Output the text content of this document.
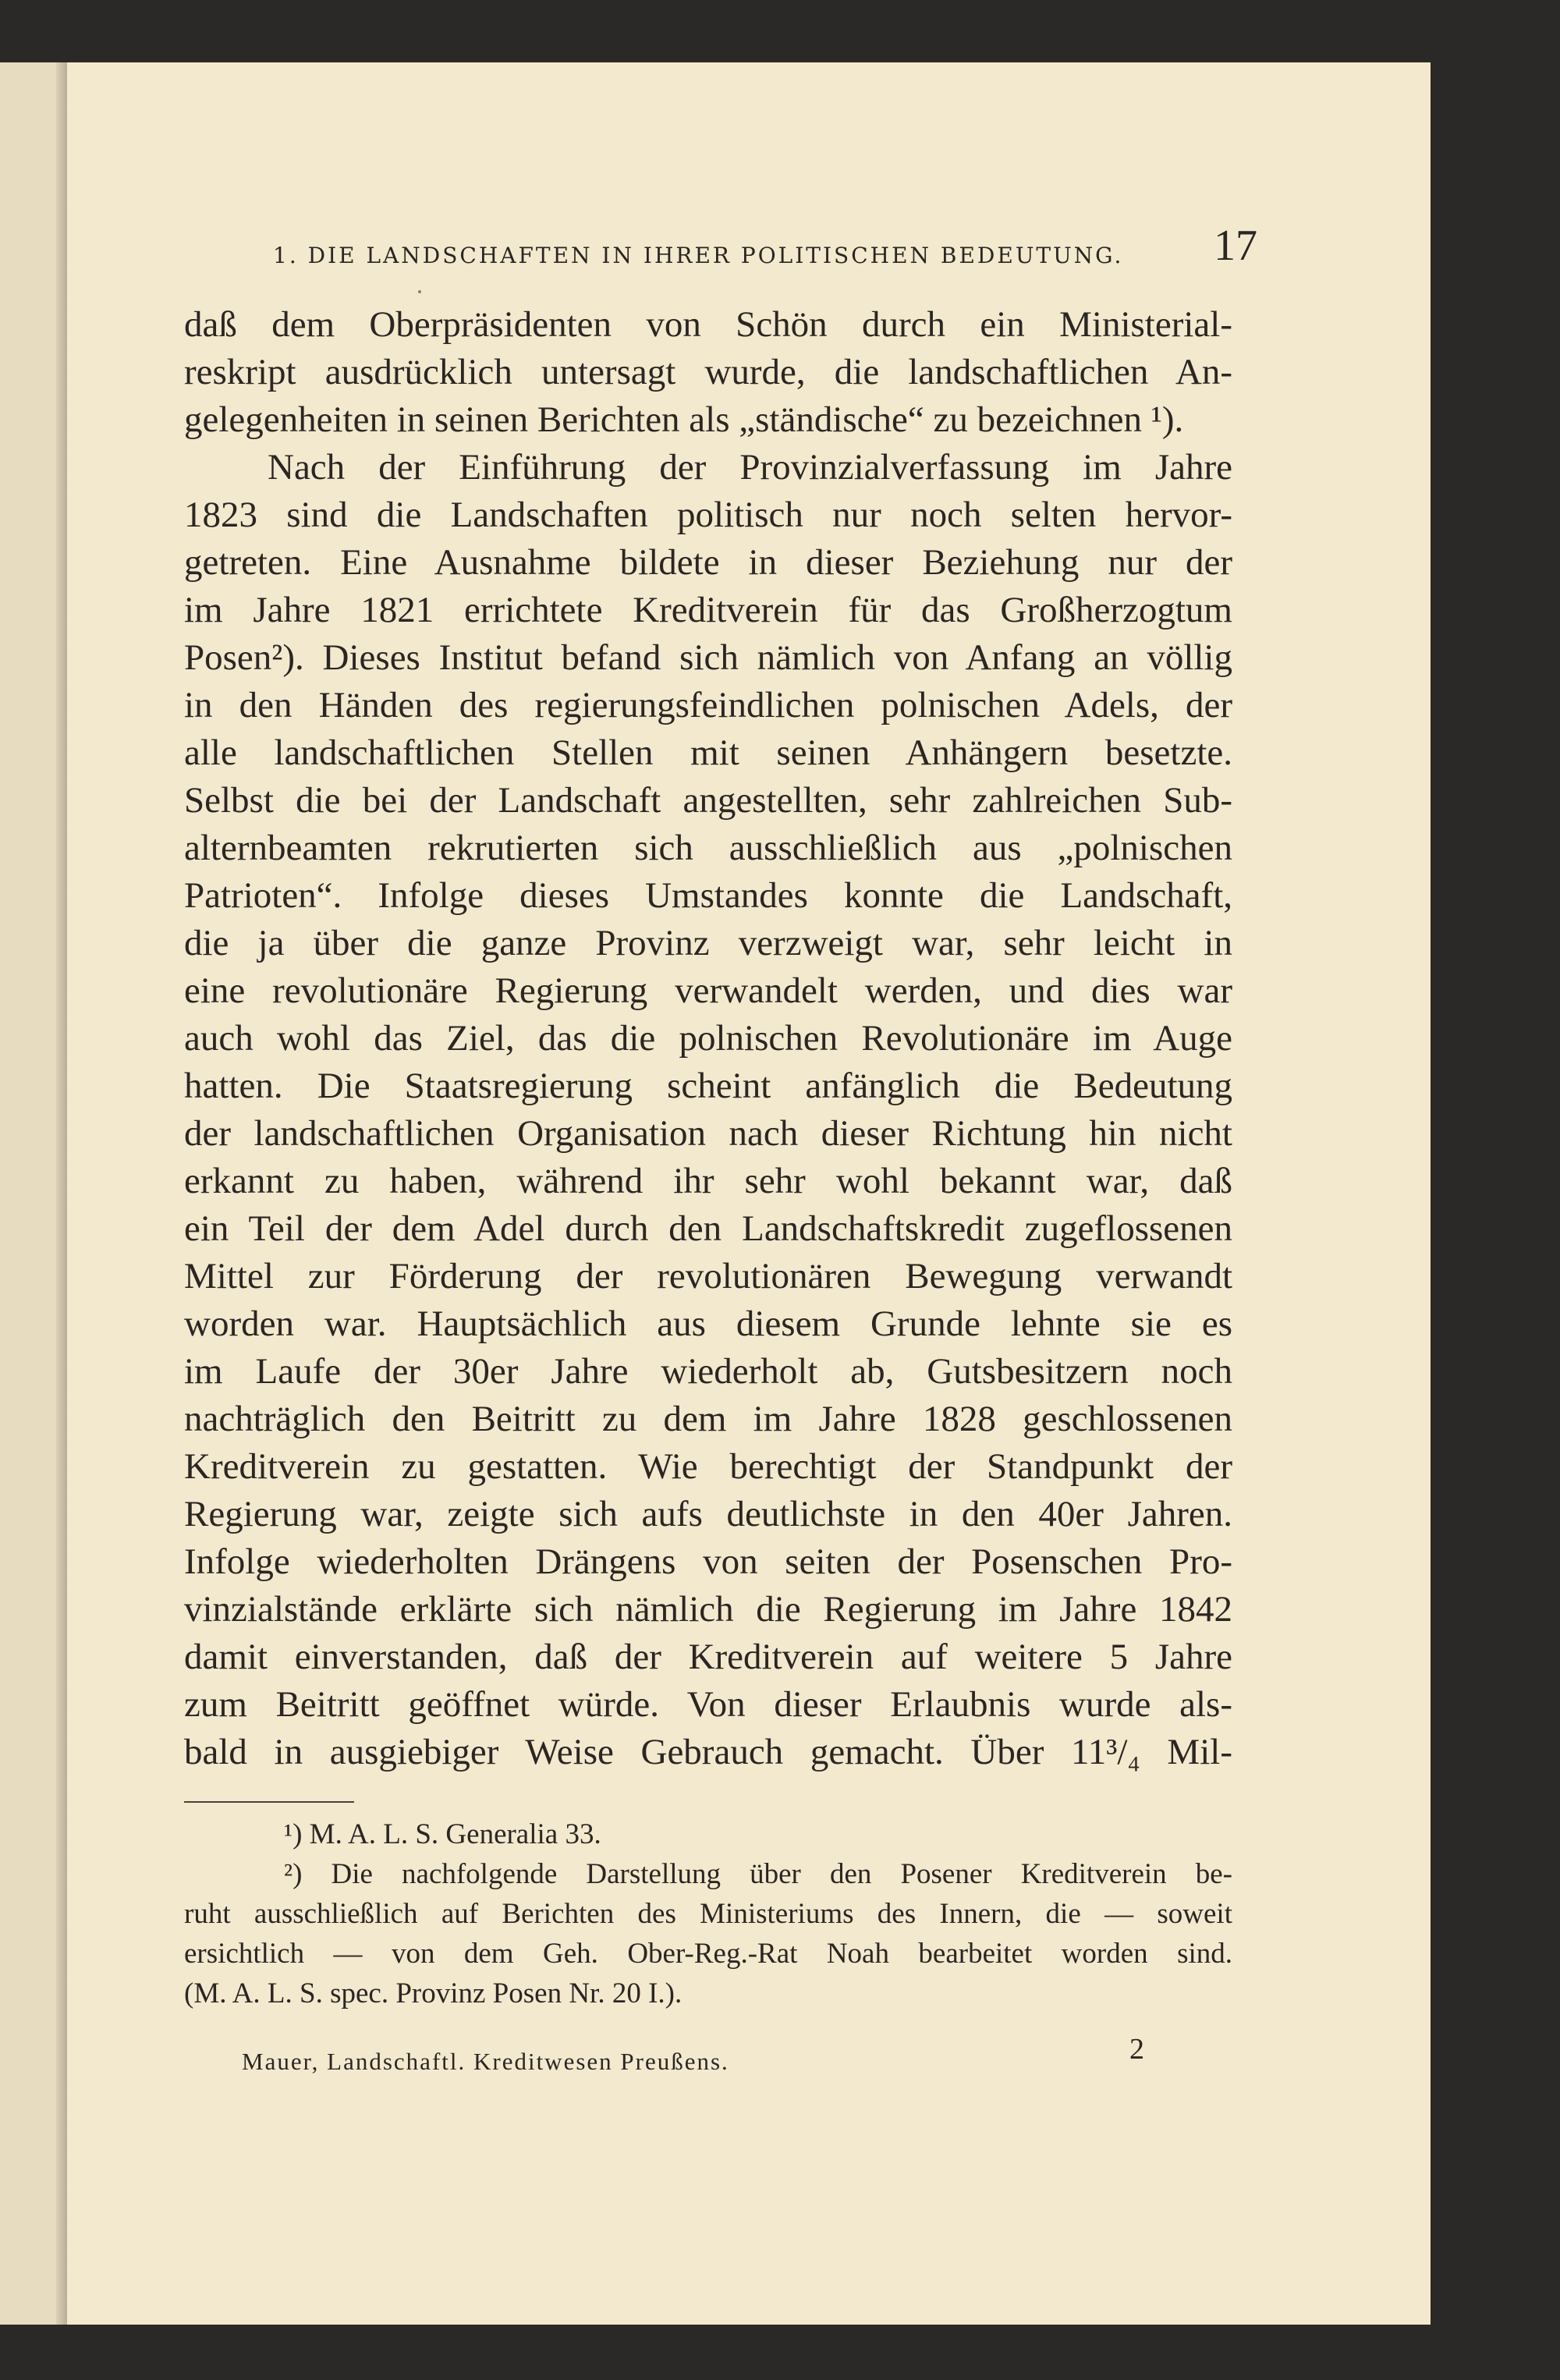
1. DIE LANDSCHAFTEN IN IHRER POLITISCHEN BEDEUTUNG. 17
daß dem Oberpräsidenten von Schön durch ein Ministerial-
reskript ausdrücklich untersagt wurde, die landschaftlichen An-
gelegenheiten in seinen Berichten als „ständische“ zu bezeichnen ¹).
Nach der Einführung der Provinzialverfassung im Jahre
1823 sind die Landschaften politisch nur noch selten hervor-
getreten. Eine Ausnahme bildete in dieser Beziehung nur der
im Jahre 1821 errichtete Kreditverein für das Großherzogtum
Posen²). Dieses Institut befand sich nämlich von Anfang an völlig
in den Händen des regierungsfeindlichen polnischen Adels, der
alle landschaftlichen Stellen mit seinen Anhängern besetzte.
Selbst die bei der Landschaft angestellten, sehr zahlreichen Sub-
alternbeamten rekrutierten sich ausschließlich aus „polnischen
Patrioten“. Infolge dieses Umstandes konnte die Landschaft,
die ja über die ganze Provinz verzweigt war, sehr leicht in
eine revolutionäre Regierung verwandelt werden, und dies war
auch wohl das Ziel, das die polnischen Revolutionäre im Auge
hatten. Die Staatsregierung scheint anfänglich die Bedeutung
der landschaftlichen Organisation nach dieser Richtung hin nicht
erkannt zu haben, während ihr sehr wohl bekannt war, daß
ein Teil der dem Adel durch den Landschaftskredit zugeflossenen
Mittel zur Förderung der revolutionären Bewegung verwandt
worden war. Hauptsächlich aus diesem Grunde lehnte sie es
im Laufe der 30er Jahre wiederholt ab, Gutsbesitzern noch
nachträglich den Beitritt zu dem im Jahre 1828 geschlossenen
Kreditverein zu gestatten. Wie berechtigt der Standpunkt der
Regierung war, zeigte sich aufs deutlichste in den 40er Jahren.
Infolge wiederholten Drängens von seiten der Posenschen Pro-
vinzialstände erklärte sich nämlich die Regierung im Jahre 1842
damit einverstanden, daß der Kreditverein auf weitere 5 Jahre
zum Beitritt geöffnet würde. Von dieser Erlaubnis wurde als-
bald in ausgiebiger Weise Gebrauch gemacht. Über 11³/₄ Mil-
¹) M. A. L. S. Generalia 33.
²) Die nachfolgende Darstellung über den Posener Kreditverein be-
ruht ausschließlich auf Berichten des Ministeriums des Innern, die — soweit
ersichtlich — von dem Geh. Ober-Reg.-Rat Noah bearbeitet worden sind.
(M. A. L. S. spec. Provinz Posen Nr. 20 I.).
Mauer, Landschaftl. Kreditwesen Preußens.	2
